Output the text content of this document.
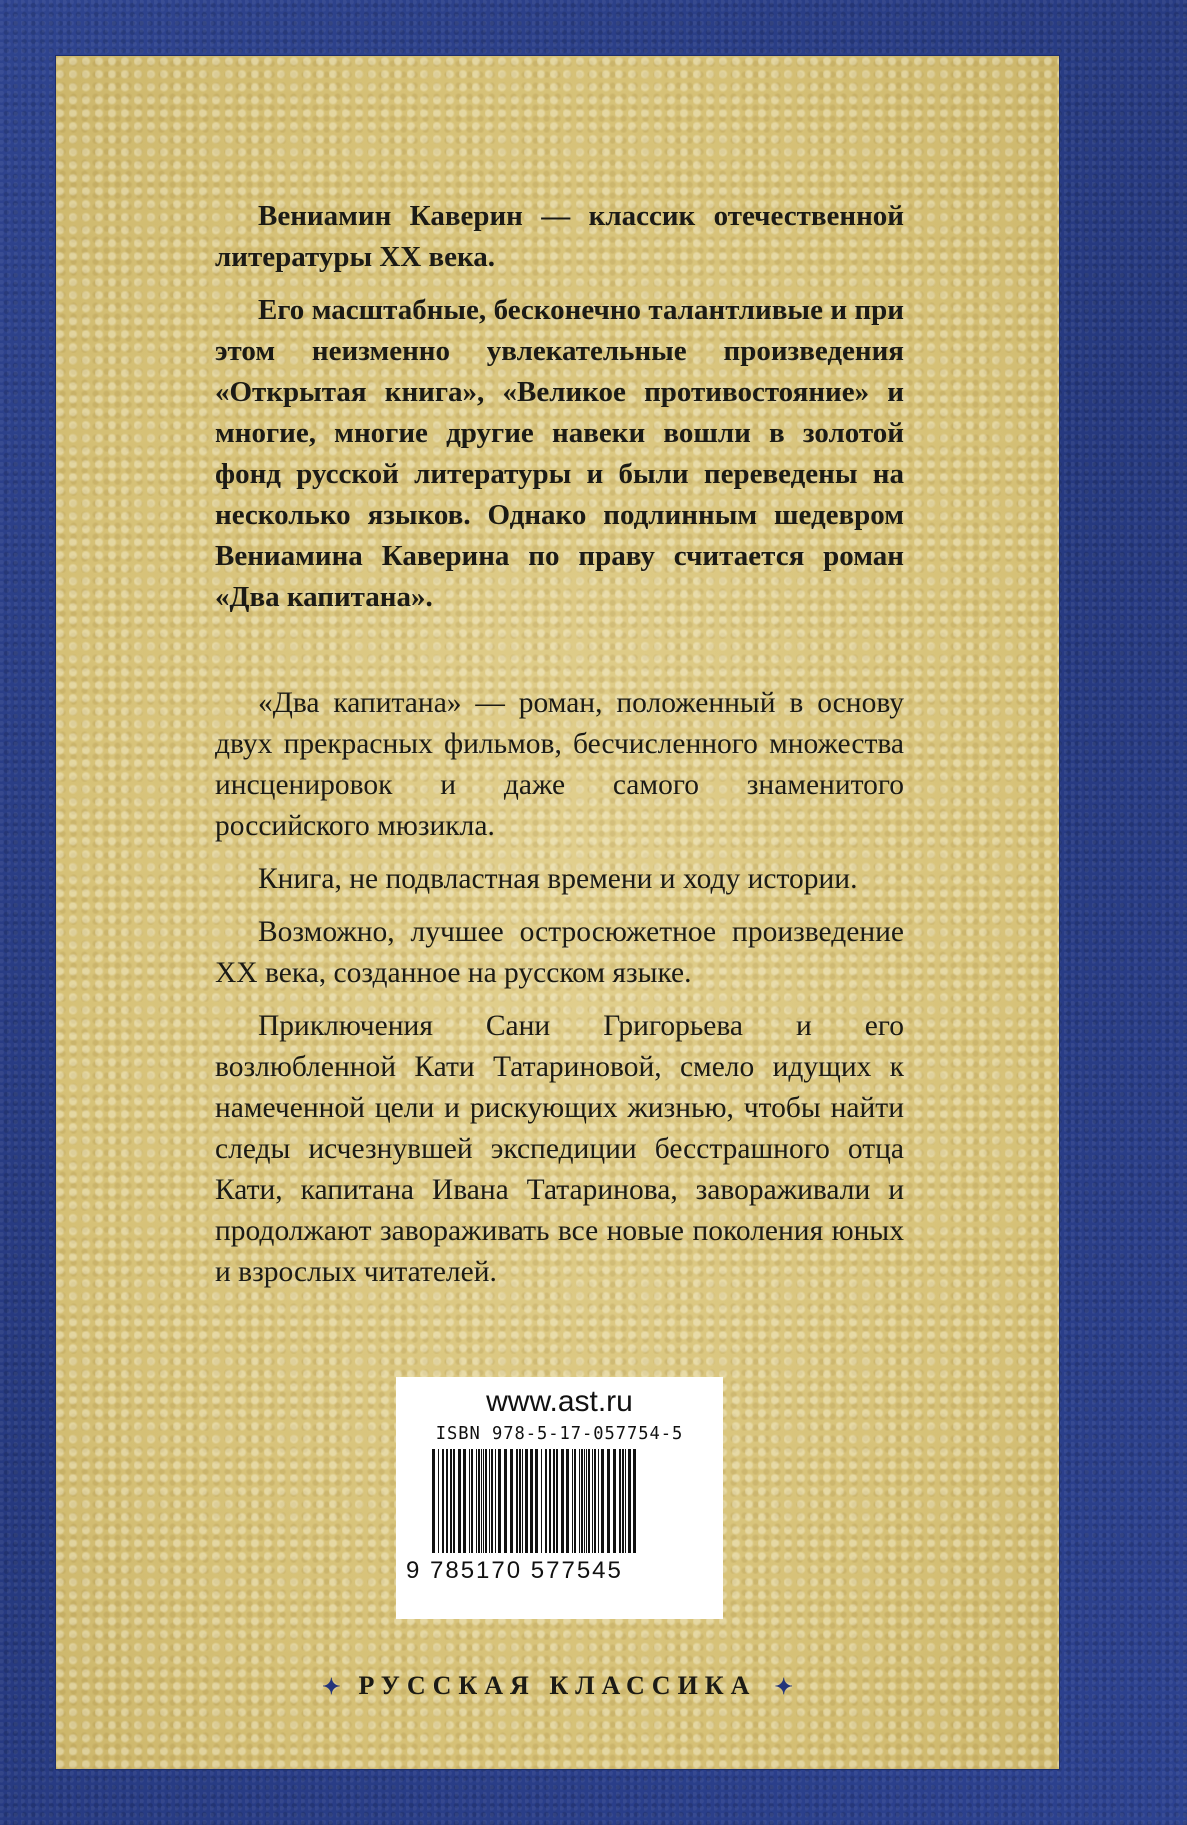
Вениамин Каверин — классик отечественной литературы XX века.

Его масштабные, бесконечно талантливые и при этом неизменно увлекательные произведения «Открытая книга», «Великое противостояние» и многие, многие другие навеки вошли в золотой фонд русской литературы и были переведены на несколько языков. Однако подлинным шедевром Вениамина Каверина по праву считается роман «Два капитана».

«Два капитана» — роман, положенный в основу двух прекрасных фильмов, бесчисленного множества инсценировок и даже самого знаменитого российского мюзикла.

Книга, не подвластная времени и ходу истории.

Возможно, лучшее остросюжетное произведение XX века, созданное на русском языке.

Приключения Сани Григорьева и его возлюбленной Кати Татариновой, смело идущих к намеченной цели и рискующих жизнью, чтобы найти следы исчезнувшей экспедиции бесстрашного отца Кати, капитана Ивана Татаринова, завораживали и продолжают завораживать все новые поколения юных и взрослых читателей.

www.ast.ru
ISBN 978-5-17-057754-5
9 785170 577545
✦ РУССКАЯ КЛАССИКА ✦
